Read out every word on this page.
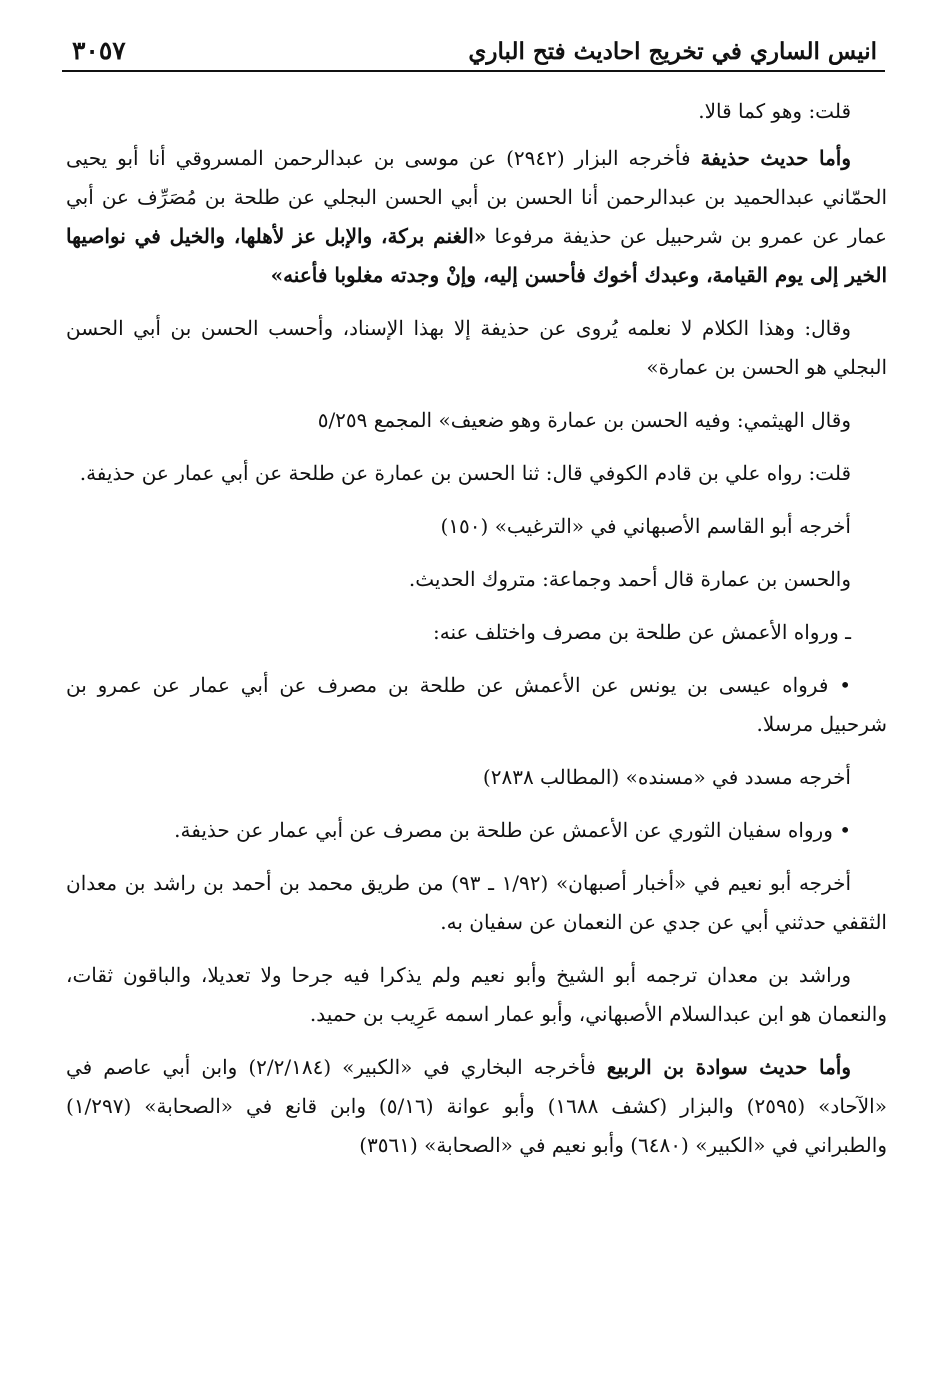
انيس الساري في تخريج احاديث فتح الباري
٣٠٥٧

قلت: وهو كما قالا.

وأما حديث حذيفة فأخرجه البزار (٢٩٤٢) عن موسى بن عبدالرحمن المسروقي أنا أبو يحيى الحمّاني عبدالحميد بن عبدالرحمن أنا الحسن بن أبي الحسن البجلي عن طلحة بن مُصَرِّف عن أبي عمار عن عمرو بن شرحبيل عن حذيفة مرفوعا «الغنم بركة، والإبل عز لأهلها، والخيل في نواصيها الخير إلى يوم القيامة، وعبدك أخوك فأحسن إليه، وإنْ وجدته مغلوبا فأعنه»

وقال: وهذا الكلام لا نعلمه يُروى عن حذيفة إلا بهذا الإسناد، وأحسب الحسن بن أبي الحسن البجلي هو الحسن بن عمارة»

وقال الهيثمي: وفيه الحسن بن عمارة وهو ضعيف» المجمع ٥/٢٥٩

قلت: رواه علي بن قادم الكوفي قال: ثنا الحسن بن عمارة عن طلحة عن أبي عمار عن حذيفة.

أخرجه أبو القاسم الأصبهاني في «الترغيب» (١٥٠)

والحسن بن عمارة قال أحمد وجماعة: متروك الحديث.

ـ ورواه الأعمش عن طلحة بن مصرف واختلف عنه:

• فرواه عيسى بن يونس عن الأعمش عن طلحة بن مصرف عن أبي عمار عن عمرو بن شرحبيل مرسلا.

أخرجه مسدد في «مسنده» (المطالب ٢٨٣٨)

• ورواه سفيان الثوري عن الأعمش عن طلحة بن مصرف عن أبي عمار عن حذيفة.

أخرجه أبو نعيم في «أخبار أصبهان» (١/٩٢ ـ ٩٣) من طريق محمد بن أحمد بن راشد بن معدان الثقفي حدثني أبي عن جدي عن النعمان عن سفيان به.

وراشد بن معدان ترجمه أبو الشيخ وأبو نعيم ولم يذكرا فيه جرحا ولا تعديلا، والباقون ثقات، والنعمان هو ابن عبدالسلام الأصبهاني، وأبو عمار اسمه عَرِيب بن حميد.

وأما حديث سوادة بن الربيع فأخرجه البخاري في «الكبير» (٢/٢/١٨٤) وابن أبي عاصم في «الآحاد» (٢٥٩٥) والبزار (كشف ١٦٨٨) وأبو عوانة (٥/١٦) وابن قانع في «الصحابة» (١/٢٩٧) والطبراني في «الكبير» (٦٤٨٠) وأبو نعيم في «الصحابة» (٣٥٦١)
